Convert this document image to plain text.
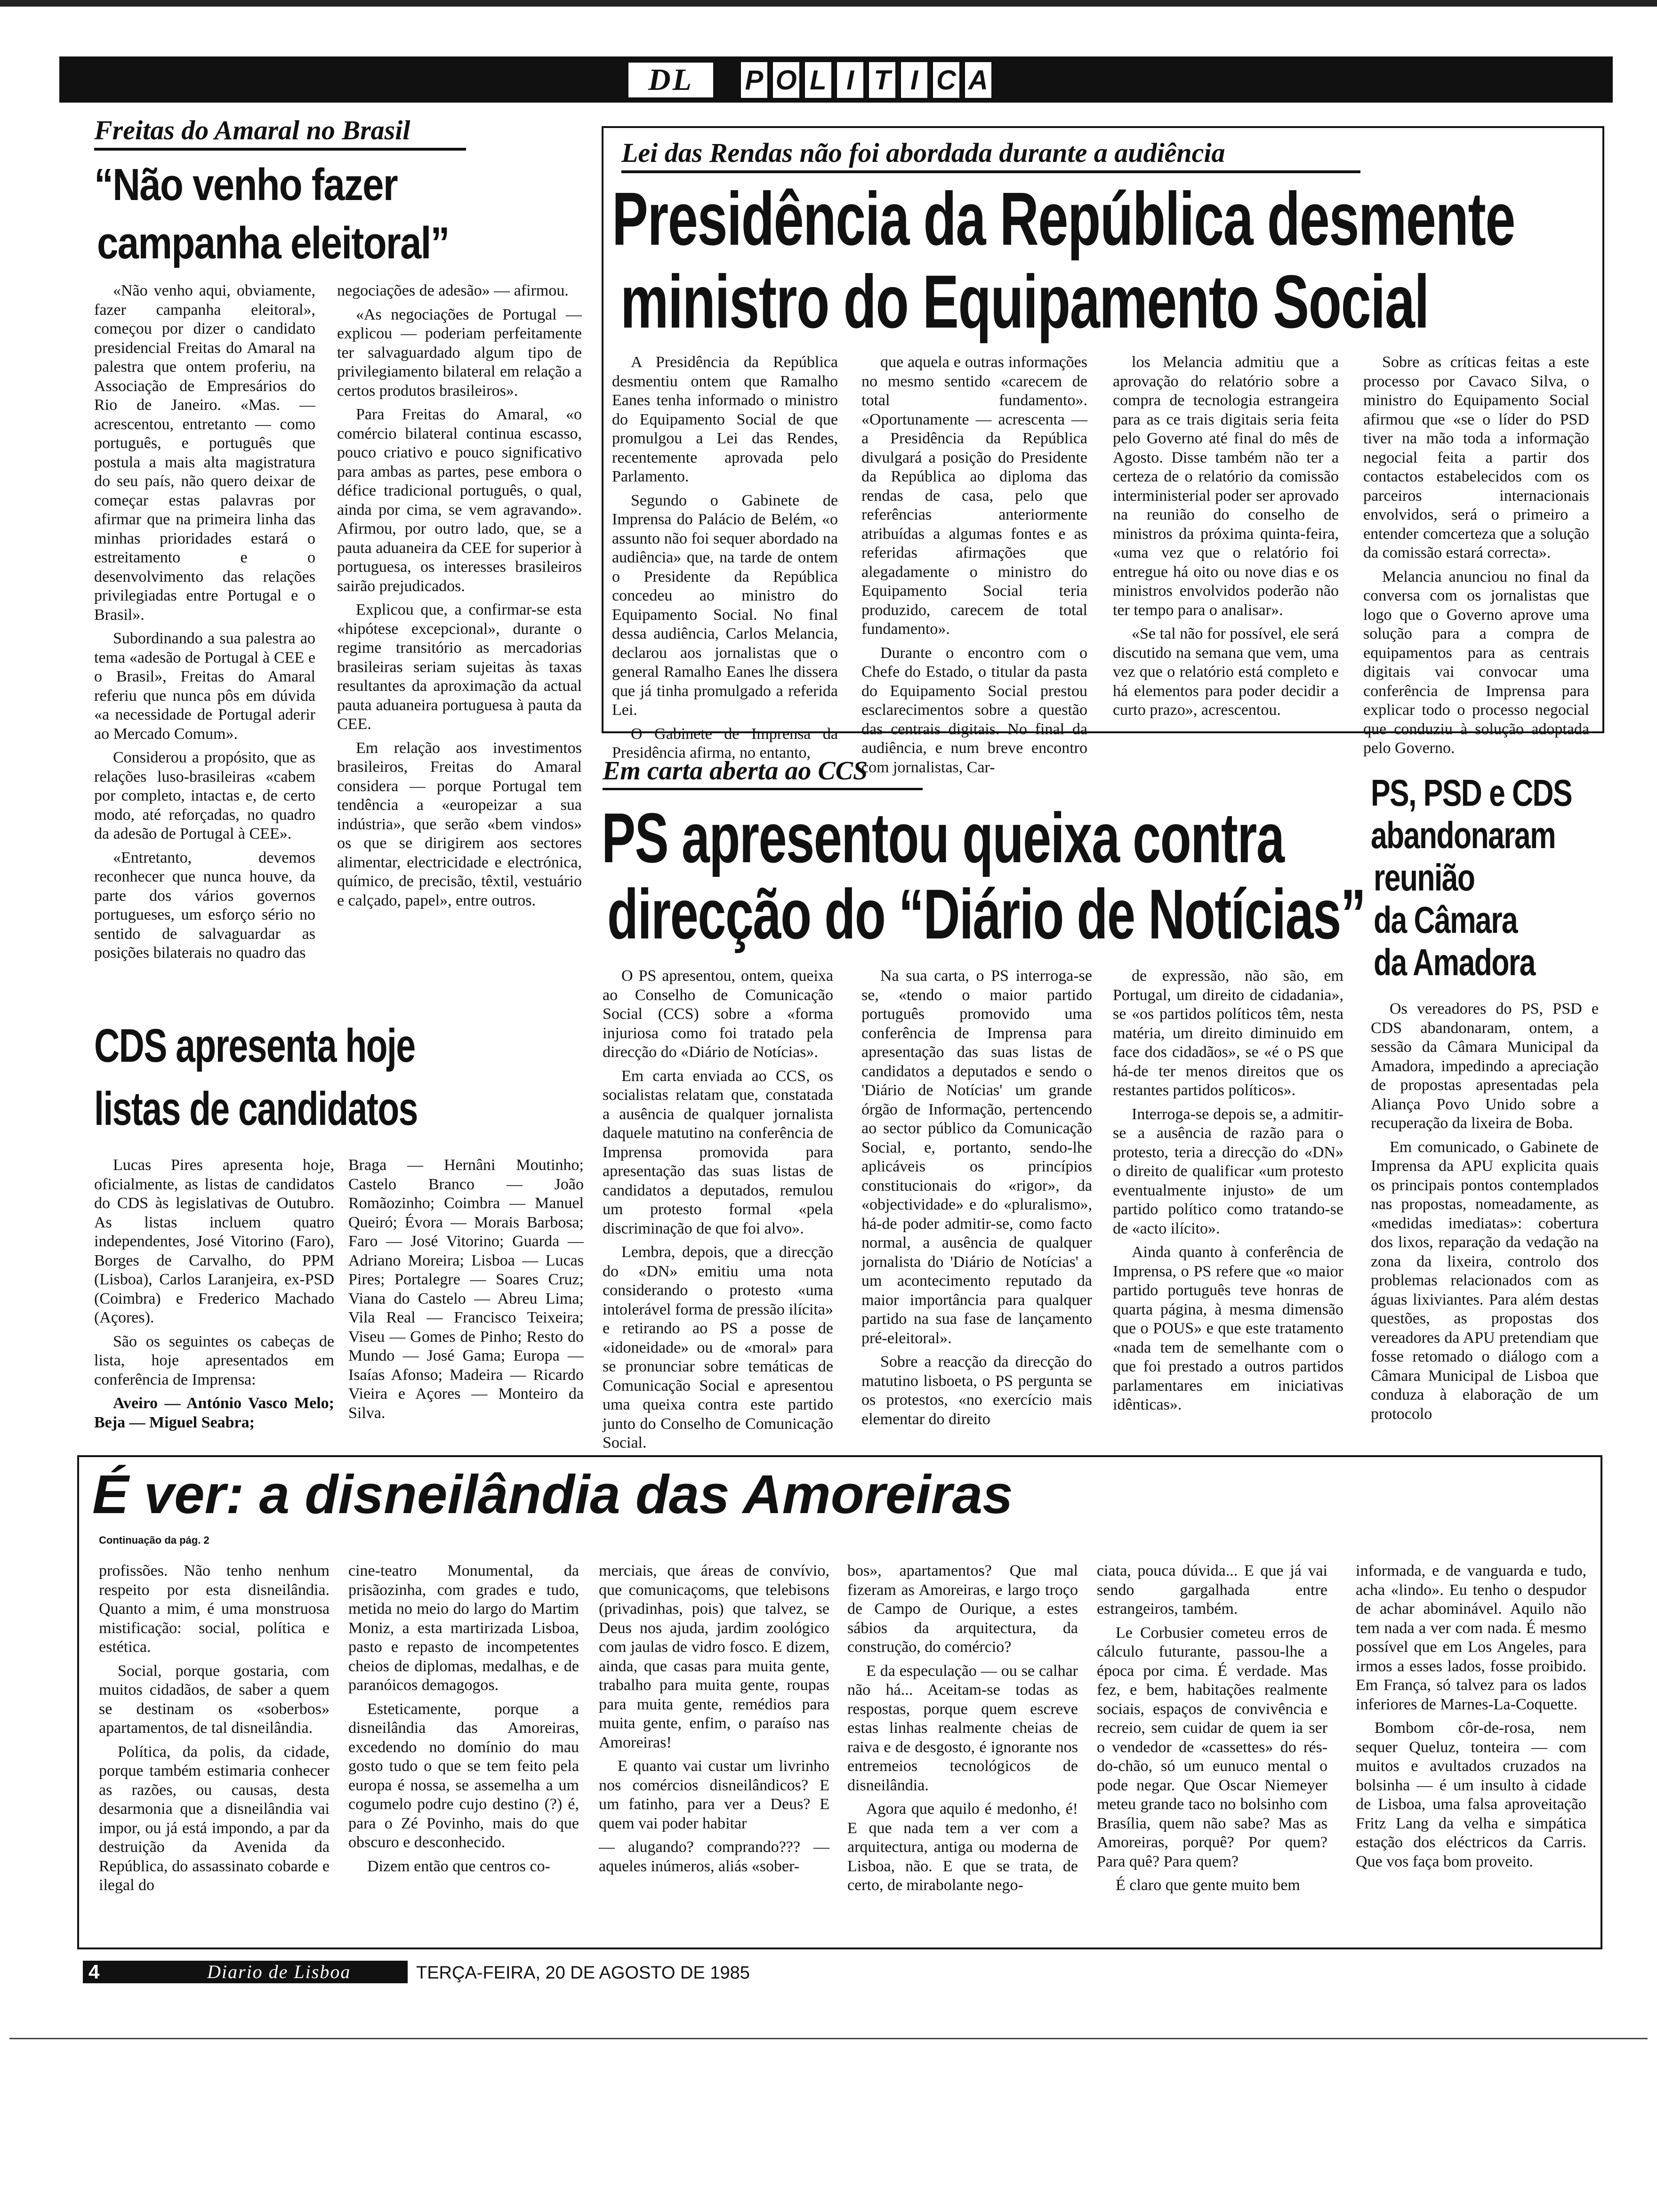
DL	P O L I T I C A
Freitas do Amaral no Brasil
“Não venho fazer
campanha eleitoral”

«Não venho aqui, obviamente, fazer campanha eleitoral», começou por dizer o candidato presidencial Freitas do Amaral na palestra que ontem proferiu, na Associação de Empresários do Rio de Janeiro. «Mas. — acrescentou, entretanto — como português, e português que postula a mais alta magistratura do seu país, não quero deixar de começar estas palavras por afirmar que na primeira linha das minhas prioridades estará o estreitamento e o desenvolvimento das relações privilegiadas entre Portugal e o Brasil».

Subordinando a sua palestra ao tema «adesão de Portugal à CEE e o Brasil», Freitas do Amaral referiu que nunca pôs em dúvida «a necessidade de Portugal aderir ao Mercado Comum».

Considerou a propósito, que as relações luso-brasileiras «cabem por completo, intactas e, de certo modo, até reforçadas, no quadro da adesão de Portugal à CEE».

«Entretanto, devemos reconhecer que nunca houve, da parte dos vários governos portugueses, um esforço sério no sentido de salvaguardar as posições bilaterais no quadro das

negociações de adesão» — afirmou.

«As negociações de Portugal — explicou — poderiam perfeitamente ter salvaguardado algum tipo de privilegiamento bilateral em relação a certos produtos brasileiros».

Para Freitas do Amaral, «o comércio bilateral continua escasso, pouco criativo e pouco significativo para ambas as partes, pese embora o défice tradicional português, o qual, ainda por cima, se vem agravando». Afirmou, por outro lado, que, se a pauta aduaneira da CEE for superior à portuguesa, os interesses brasileiros sairão prejudicados.

Explicou que, a confirmar-se esta «hipótese excepcional», durante o regime transitório as mercadorias brasileiras seriam sujeitas às taxas resultantes da aproximação da actual pauta aduaneira portuguesa à pauta da CEE.

Em relação aos investimentos brasileiros, Freitas do Amaral considera — porque Portugal tem tendência a «europeizar a sua indústria», que serão «bem vindos» os que se dirigirem aos sectores alimentar, electricidade e electrónica, químico, de precisão, têxtil, vestuário e calçado, papel», entre outros.

Lei das Rendas não foi abordada durante a audiência
Presidência da República desmente
ministro do Equipamento Social

A Presidência da República desmentiu ontem que Ramalho Eanes tenha informado o ministro do Equipamento Social de que promulgou a Lei das Rendes, recentemente aprovada pelo Parlamento.

Segundo o Gabinete de Imprensa do Palácio de Belém, «o assunto não foi sequer abordado na audiência» que, na tarde de ontem o Presidente da República concedeu ao ministro do Equipamento Social. No final dessa audiência, Carlos Melancia, declarou aos jornalistas que o general Ramalho Eanes lhe dissera que já tinha promulgado a referida Lei.

O Gabinete de Imprensa da Presidência afirma, no entanto,

que aquela e outras informações no mesmo sentido «carecem de total fundamento». «Oportunamente — acrescenta — a Presidência da República divulgará a posição do Presidente da República ao diploma das rendas de casa, pelo que referências anteriormente atribuídas a algumas fontes e as referidas afirmações que alegadamente o ministro do Equipamento Social teria produzido, carecem de total fundamento».

Durante o encontro com o Chefe do Estado, o titular da pasta do Equipamento Social prestou esclarecimentos sobre a questão das centrais digitais. No final da audiência, e num breve encontro com jornalistas, Car-

los Melancia admitiu que a aprovação do relatório sobre a compra de tecnologia estrangeira para as ce trais digitais seria feita pelo Governo até final do mês de Agosto. Disse também não ter a certeza de o relatório da comissão interministerial poder ser aprovado na reunião do conselho de ministros da próxima quinta-feira, «uma vez que o relatório foi entregue há oito ou nove dias e os ministros envolvidos poderão não ter tempo para o analisar».

«Se tal não for possível, ele será discutido na semana que vem, uma vez que o relatório está completo e há elementos para poder decidir a curto prazo», acrescentou.

Sobre as críticas feitas a este processo por Cavaco Silva, o ministro do Equipamento Social afirmou que «se o líder do PSD tiver na mão toda a informação negocial feita a partir dos contactos estabelecidos com os parceiros internacionais envolvidos, será o primeiro a entender comcerteza que a solução da comissão estará correcta».

Melancia anunciou no final da conversa com os jornalistas que logo que o Governo aprove uma solução para a compra de equipamentos para as centrais digitais vai convocar uma conferência de Imprensa para explicar todo o processo negocial que conduziu à solução adoptada pelo Governo.

Em carta aberta ao CCS
PS apresentou queixa contra
direcção do “Diário de Notícias”

O PS apresentou, ontem, queixa ao Conselho de Comunicação Social (CCS) sobre a «forma injuriosa como foi tratado pela direcção do «Diário de Notícias».

Em carta enviada ao CCS, os socialistas relatam que, constatada a ausência de qualquer jornalista daquele matutino na conferência de Imprensa promovida para apresentação das suas listas de candidatos a deputados, remulou um protesto formal «pela discriminação de que foi alvo».

Lembra, depois, que a direcção do «DN» emitiu uma nota considerando o protesto «uma intolerável forma de pressão ilícita» e retirando ao PS a posse de «idoneidade» ou de «moral» para se pronunciar sobre temáticas de Comunicação Social e apresentou uma queixa contra este partido junto do Conselho de Comunicação Social.

Na sua carta, o PS interroga-se se, «tendo o maior partido português promovido uma conferência de Imprensa para apresentação das suas listas de candidatos a deputados e sendo o 'Diário de Notícias' um grande órgão de Informação, pertencendo ao sector público da Comunicação Social, e, portanto, sendo-lhe aplicáveis os princípios constitucionais do «rigor», da «objectividade» e do «pluralismo», há-de poder admitir-se, como facto normal, a ausência de qualquer jornalista do 'Diário de Notícias' a um acontecimento reputado da maior importância para qualquer partido na sua fase de lançamento pré-eleitoral».

Sobre a reacção da direcção do matutino lisboeta, o PS pergunta se os protestos, «no exercício mais elementar do direito

de expressão, não são, em Portugal, um direito de cidadania», se «os partidos políticos têm, nesta matéria, um direito diminuido em face dos cidadãos», se «é o PS que há-de ter menos direitos que os restantes partidos políticos».

Interroga-se depois se, a admitir-se a ausência de razão para o protesto, teria a direcção do «DN» o direito de qualificar «um protesto eventualmente injusto» de um partido político como tratando-se de «acto ilícito».

Ainda quanto à conferência de Imprensa, o PS refere que «o maior partido português teve honras de quarta página, à mesma dimensão que o POUS» e que este tratamento «nada tem de semelhante com o que foi prestado a outros partidos parlamentares em iniciativas idênticas».

PS, PSD e CDS
abandonaram
reunião
da Câmara
da Amadora

Os vereadores do PS, PSD e CDS abandonaram, ontem, a sessão da Câmara Municipal da Amadora, impedindo a apreciação de propostas apresentadas pela Aliança Povo Unido sobre a recuperação da lixeira de Boba.

Em comunicado, o Gabinete de Imprensa da APU explicita quais os principais pontos contemplados nas propostas, nomeadamente, as «medidas imediatas»: cobertura dos lixos, reparação da vedação na zona da lixeira, controlo dos problemas relacionados com as águas lixiviantes. Para além destas questões, as propostas dos vereadores da APU pretendiam que fosse retomado o diálogo com a Câmara Municipal de Lisboa que conduza à elaboração de um protocolo

CDS apresenta hoje
listas de candidatos

Lucas Pires apresenta hoje, oficialmente, as listas de candidatos do CDS às legislativas de Outubro. As listas incluem quatro independentes, José Vitorino (Faro), Borges de Carvalho, do PPM (Lisboa), Carlos Laranjeira, ex-PSD (Coimbra) e Frederico Machado (Açores).

São os seguintes os cabeças de lista, hoje apresentados em conferência de Imprensa:

Aveiro — António Vasco Melo; Beja — Miguel Seabra;

Braga — Hernâni Moutinho; Castelo Branco — João Romãozinho; Coimbra — Manuel Queiró; Évora — Morais Barbosa; Faro — José Vitorino; Guarda — Adriano Moreira; Lisboa — Lucas Pires; Portalegre — Soares Cruz; Viana do Castelo — Abreu Lima; Vila Real — Francisco Teixeira; Viseu — Gomes de Pinho; Resto do Mundo — José Gama; Europa — Isaías Afonso; Madeira — Ricardo Vieira e Açores — Monteiro da Silva.

É ver: a disneilândia das Amoreiras
Continuação da pág. 2

profissões. Não tenho nenhum respeito por esta disneilândia. Quanto a mim, é uma monstruosa mistificação: social, política e estética.

Social, porque gostaria, com muitos cidadãos, de saber a quem se destinam os «soberbos» apartamentos, de tal disneilândia.

Política, da polis, da cidade, porque também estimaria conhecer as razões, ou causas, desta desarmonia que a disneilândia vai impor, ou já está impondo, a par da destruição da Avenida da República, do assassinato cobarde e ilegal do

cine-teatro Monumental, da prisãozinha, com grades e tudo, metida no meio do largo do Martim Moniz, a esta martirizada Lisboa, pasto e repasto de incompetentes cheios de diplomas, medalhas, e de paranóicos demagogos.

Esteticamente, porque a disneilândia das Amoreiras, excedendo no domínio do mau gosto tudo o que se tem feito pela europa é nossa, se assemelha a um cogumelo podre cujo destino (?) é, para o Zé Povinho, mais do que obscuro e desconhecido.

Dizem então que centros co-

merciais, que áreas de convívio, que comunicaçoms, que telebisons (privadinhas, pois) que talvez, se Deus nos ajuda, jardim zoológico com jaulas de vidro fosco. E dizem, ainda, que casas para muita gente, trabalho para muita gente, roupas para muita gente, remédios para muita gente, enfim, o paraíso nas Amoreiras!

E quanto vai custar um livrinho nos comércios disneilândicos? E um fatinho, para ver a Deus? E quem vai poder habitar

— alugando? comprando??? — aqueles inúmeros, aliás «sober-

bos», apartamentos? Que mal fizeram as Amoreiras, e largo troço de Campo de Ourique, a estes sábios da arquitectura, da construção, do comércio?

E da especulação — ou se calhar não há... Aceitam-se todas as respostas, porque quem escreve estas linhas realmente cheias de raiva e de desgosto, é ignorante nos entremeios tecnológicos de disneilândia.

Agora que aquilo é medonho, é! E que nada tem a ver com a arquitectura, antiga ou moderna de Lisboa, não. E que se trata, de certo, de mirabolante nego-

ciata, pouca dúvida... E que já vai sendo gargalhada entre estrangeiros, também.

Le Corbusier cometeu erros de cálculo futurante, passou-lhe a época por cima. É verdade. Mas fez, e bem, habitações realmente sociais, espaços de convivência e recreio, sem cuidar de quem ia ser o vendedor de «cassettes» do rés-do-chão, só um eunuco mental o pode negar. Que Oscar Niemeyer meteu grande taco no bolsinho com Brasília, quem não sabe? Mas as Amoreiras, porquê? Por quem? Para quê? Para quem?

É claro que gente muito bem

informada, e de vanguarda e tudo, acha «lindo». Eu tenho o despudor de achar abominável. Aquilo não tem nada a ver com nada. É mesmo possível que em Los Angeles, para irmos a esses lados, fosse proibido. Em França, só talvez para os lados inferiores de Marnes-La-Coquette.

Bombom côr-de-rosa, nem sequer Queluz, tonteira — com muitos e avultados cruzados na bolsinha — é um insulto à cidade de Lisboa, uma falsa aproveitação Fritz Lang da velha e simpática estação dos eléctricos da Carris. Que vos faça bom proveito.

4	Diario de Lisboa	TERÇA-FEIRA, 20 DE AGOSTO DE 1985
